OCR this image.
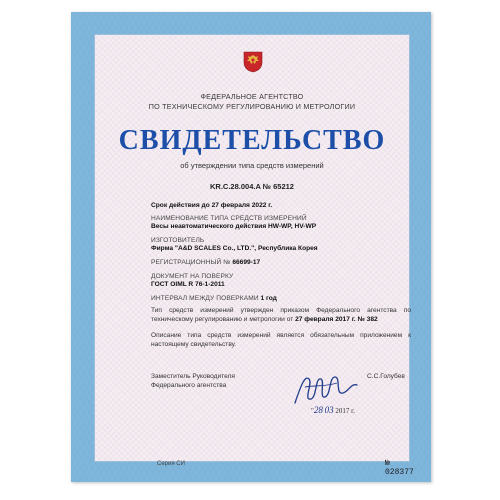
ФЕДЕРАЛЬНОЕ АГЕНТСТВО
ПО ТЕХНИЧЕСКОМУ РЕГУЛИРОВАНИЮ И МЕТРОЛОГИИ
СВИДЕТЕЛЬСТВО
об утверждении типа средств измерений
KR.C.28.004.A № 65212
Срок действия до 27 февраля 2022 г.
НАИМЕНОВАНИЕ ТИПА СРЕДСТВ ИЗМЕРЕНИЙ
Весы неавтоматического действия HW-WP, HV-WP
ИЗГОТОВИТЕЛЬ
Фирма "A&D SCALES Co., LTD.", Республика Корея
РЕГИСТРАЦИОННЫЙ № 66699-17
ДОКУМЕНТ НА ПОВЕРКУ
ГОСТ OIML R 76-1-2011
ИНТЕРВАЛ МЕЖДУ ПОВЕРКАМИ 1 год
Тип средств измерений утвержден приказом Федерального агентства по техническому регулированию и метрологии от 27 февраля 2017 г. № 382
Описание типа средств измерений является обязательным приложением к настоящему свидетельству.
Заместитель Руководителя
Федерального агентства
С.С.Голубев
"28 03 2017 г.
Серия СИ	№ 028377
